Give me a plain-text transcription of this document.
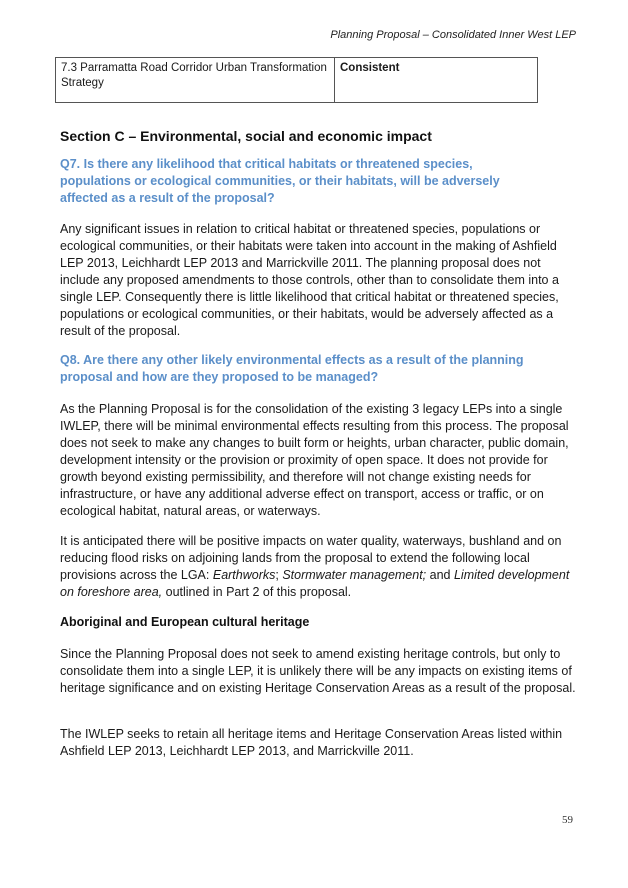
Planning Proposal – Consolidated Inner West LEP
7.3 Parramatta Road Corridor Urban Transformation Strategy	Consistent
Section C – Environmental, social and economic impact
Q7. Is there any likelihood that critical habitats or threatened species, populations or ecological communities, or their habitats, will be adversely affected as a result of the proposal?
Any significant issues in relation to critical habitat or threatened species, populations or ecological communities, or their habitats were taken into account in the making of Ashfield LEP 2013, Leichhardt LEP 2013 and Marrickville 2011. The planning proposal does not include any proposed amendments to those controls, other than to consolidate them into a single LEP. Consequently there is little likelihood that critical habitat or threatened species, populations or ecological communities, or their habitats, would be adversely affected as a result of the proposal.
Q8. Are there any other likely environmental effects as a result of the planning proposal and how are they proposed to be managed?
As the Planning Proposal is for the consolidation of the existing 3 legacy LEPs into a single IWLEP, there will be minimal environmental effects resulting from this process. The proposal does not seek to make any changes to built form or heights, urban character, public domain, development intensity or the provision or proximity of open space. It does not provide for growth beyond existing permissibility, and therefore will not change existing needs for infrastructure, or have any additional adverse effect on transport, access or traffic, or on ecological habitat, natural areas, or waterways.
It is anticipated there will be positive impacts on water quality, waterways, bushland and on reducing flood risks on adjoining lands from the proposal to extend the following local provisions across the LGA: Earthworks; Stormwater management; and Limited development on foreshore area, outlined in Part 2 of this proposal.
Aboriginal and European cultural heritage
Since the Planning Proposal does not seek to amend existing heritage controls, but only to consolidate them into a single LEP, it is unlikely there will be any impacts on existing items of heritage significance and on existing Heritage Conservation Areas as a result of the proposal.
The IWLEP seeks to retain all heritage items and Heritage Conservation Areas listed within Ashfield LEP 2013, Leichhardt LEP 2013, and Marrickville 2011.
59
